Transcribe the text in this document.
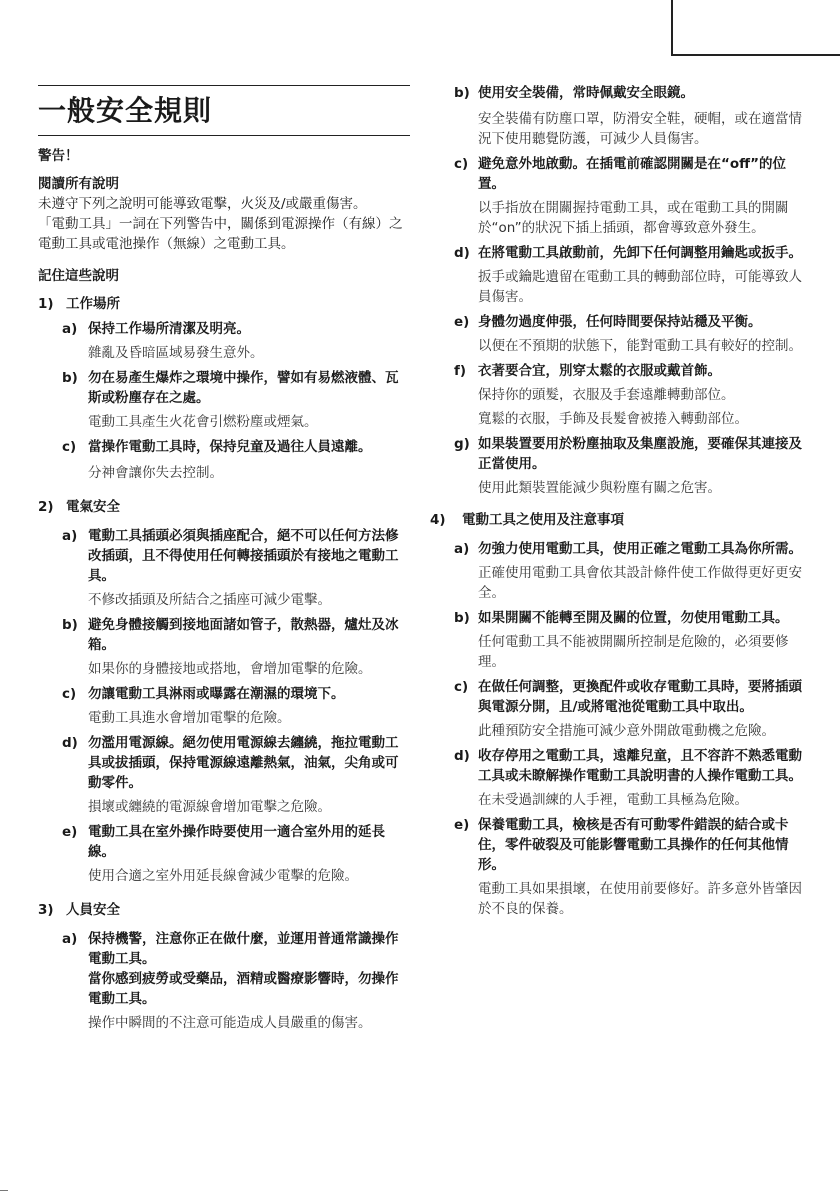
一般安全規則

警告！

閱讀所有說明

未遵守下列之說明可能導致電擊，火災及/或嚴重傷害。

「電動工具」一詞在下列警告中，關係到電源操作（有線）之電動工具或電池操作（無線）之電動工具。

記住這些說明

1) 工作場所
a) 保持工作場所清潔及明亮。

雜亂及昏暗區域易發生意外。

b) 勿在易產生爆炸之環境中操作，譬如有易燃液體、瓦斯或粉塵存在之處。

電動工具產生火花會引燃粉塵或煙氣。

c) 當操作電動工具時，保持兒童及過往人員遠離。

分神會讓你失去控制。

2) 電氣安全
a) 電動工具插頭必須與插座配合，絕不可以任何方法修改插頭，且不得使用任何轉接插頭於有接地之電動工具。

不修改插頭及所結合之插座可減少電擊。

b) 避免身體接觸到接地面諸如管子，散熱器，爐灶及冰箱。

如果你的身體接地或搭地，會增加電擊的危險。

c) 勿讓電動工具淋雨或曝露在潮濕的環境下。

電動工具進水會增加電擊的危險。

d) 勿濫用電源線。絕勿使用電源線去纏繞，拖拉電動工具或拔插頭，保持電源線遠離熱氣，油氣，尖角或可動零件。

損壞或纏繞的電源線會增加電擊之危險。

e) 電動工具在室外操作時要使用一適合室外用的延長線。

使用合適之室外用延長線會減少電擊的危險。

3) 人員安全
a) 保持機警，注意你正在做什麼，並運用普通常識操作電動工具。
當你感到疲勞或受藥品，酒精或醫療影響時，勿操作電動工具。

操作中瞬間的不注意可能造成人員嚴重的傷害。

b) 使用安全裝備，常時佩戴安全眼鏡。

安全裝備有防塵口罩，防滑安全鞋，硬帽，或在適當情況下使用聽覺防護，可減少人員傷害。

c) 避免意外地啟動。在插電前確認開關是在“off”的位置。

以手指放在開關握持電動工具，或在電動工具的開關於“on”的狀況下插上插頭，都會導致意外發生。

d) 在將電動工具啟動前，先卸下任何調整用鑰匙或扳手。

扳手或鑰匙遺留在電動工具的轉動部位時，可能導致人員傷害。

e) 身體勿過度伸張，任何時間要保持站穩及平衡。

以便在不預期的狀態下，能對電動工具有較好的控制。

f) 衣著要合宜，別穿太鬆的衣服或戴首飾。

保持你的頭髮，衣服及手套遠離轉動部位。

寬鬆的衣服，手飾及長髮會被捲入轉動部位。

g) 如果裝置要用於粉塵抽取及集塵設施，要確保其連接及正當使用。

使用此類裝置能減少與粉塵有關之危害。

4)	電動工具之使用及注意事項
a) 勿強力使用電動工具，使用正確之電動工具為你所需。

正確使用電動工具會依其設計條件使工作做得更好更安全。

b) 如果開關不能轉至開及關的位置，勿使用電動工具。

任何電動工具不能被開關所控制是危險的，必須要修理。

c) 在做任何調整，更換配件或收存電動工具時，要將插頭與電源分開，且/或將電池從電動工具中取出。

此種預防安全措施可減少意外開啟電動機之危險。

d) 收存停用之電動工具，遠離兒童，且不容許不熟悉電動工具或未瞭解操作電動工具說明書的人操作電動工具。

在未受過訓練的人手裡，電動工具極為危險。

e) 保養電動工具，檢核是否有可動零件錯誤的結合或卡住，零件破裂及可能影響電動工具操作的任何其他情形。

電動工具如果損壞，在使用前要修好。許多意外皆肇因於不良的保養。
